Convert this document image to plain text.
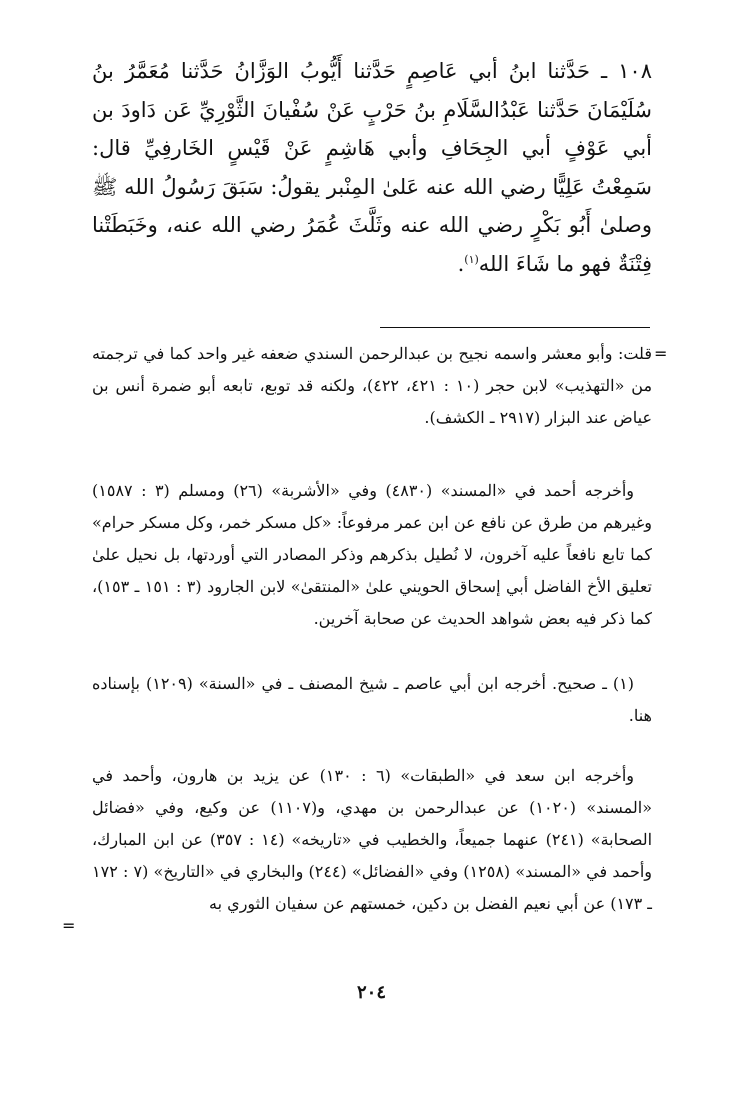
١٠٨ ـ حَدَّثنا ابنُ أبي عَاصِمٍ حَدَّثنا أَيُّوبُ الوَزَّانُ حَدَّثنا مُعَمَّرُ بنُ سُلَيْمَانَ حَدَّثنا عَبْدُالسَّلَامِ بنُ حَرْبٍ عَنْ سُفْيانَ الثَّوْرِيِّ عَن دَاودَ بن أبي عَوْفٍ أبي الجِحَافِ وأبي هَاشِمٍ عَنْ قَيْسٍ الخَارفِيِّ قال: سَمِعْتُ عَلِيًّا رضي الله عنه عَلىٰ المِنْبر يقولُ: سَبَقَ رَسُولُ الله ﷺ وصلىٰ أَبُو بَكْرٍ رضي الله عنه وثَلَّثَ عُمَرُ رضي الله عنه، وخَبَطَتْنا فِتْنَةٌ فهو ما شَاءَ الله$^{(١)}$.

=

قلت: وأبو معشر واسمه نجيح بن عبدالرحمن السندي ضعفه غير واحد كما في ترجمته من «التهذيب» لابن حجر (١٠ : ٤٢١، ٤٢٢)، ولكنه قد توبع، تابعه أبو ضمرة أنس بن عياض عند البزار (٢٩١٧ ـ الكشف).

وأخرجه أحمد في «المسند» (٤٨٣٠) وفي «الأشربة» (٢٦) ومسلم (٣ : ١٥٨٧) وغيرهم من طرق عن نافع عن ابن عمر مرفوعاً: «كل مسكر خمر، وكل مسكر حرام» كما تابع نافعاً عليه آخرون، لا نُطيل بذكرهم وذكر المصادر التي أوردتها، بل نحيل علىٰ تعليق الأخ الفاضل أبي إسحاق الحويني علىٰ «المنتقىٰ» لابن الجارود (٣ : ١٥١ ـ ١٥٣)، كما ذكر فيه بعض شواهد الحديث عن صحابة آخرين.

(١) ـ صحيح. أخرجه ابن أبي عاصم ـ شيخ المصنف ـ في «السنة» (١٢٠٩) بإسناده هنا.

وأخرجه ابن سعد في «الطبقات» (٦ : ١٣٠) عن يزيد بن هارون، وأحمد في «المسند» (١٠٢٠) عن عبدالرحمن بن مهدي، و(١١٠٧) عن وكيع، وفي «فضائل الصحابة» (٢٤١) عنهما جميعاً، والخطيب في «تاريخه» (١٤ : ٣٥٧) عن ابن المبارك، وأحمد في «المسند» (١٢٥٨) وفي «الفضائل» (٢٤٤) والبخاري في «التاريخ» (٧ : ١٧٢ ـ ١٧٣) عن أبي نعيم الفضل بن دكين، خمستهم عن سفيان الثوري به

=
٢٠٤
